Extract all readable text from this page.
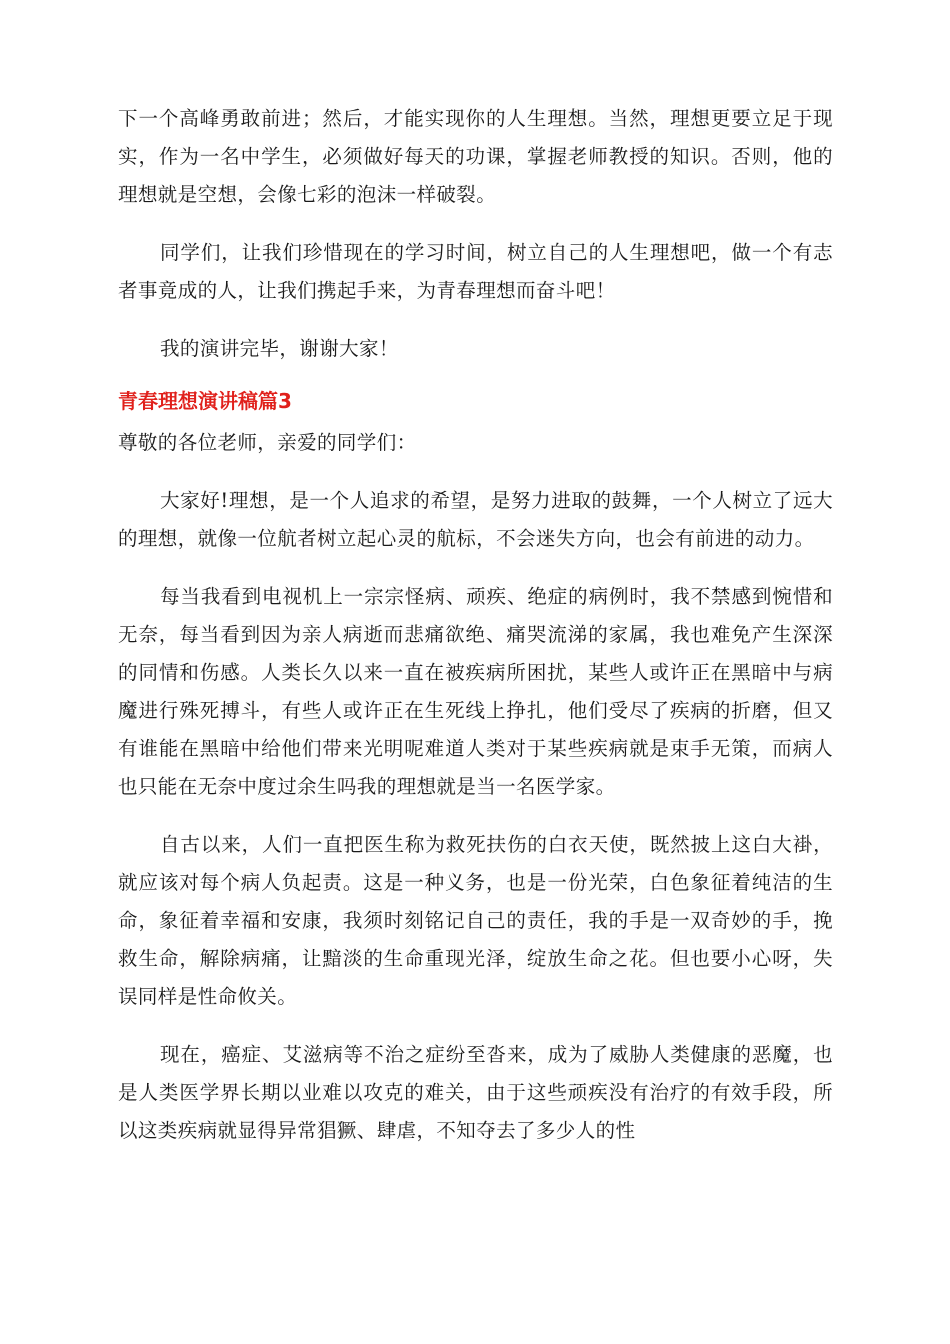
下一个高峰勇敢前进；然后，才能实现你的人生理想。当然，理想更要立足于现实，作为一名中学生，必须做好每天的功课，掌握老师教授的知识。否则，他的理想就是空想，会像七彩的泡沫一样破裂。

同学们，让我们珍惜现在的学习时间，树立自己的人生理想吧，做一个有志者事竟成的人，让我们携起手来，为青春理想而奋斗吧！

我的演讲完毕，谢谢大家！

青春理想演讲稿篇3

尊敬的各位老师，亲爱的同学们：

大家好!理想，是一个人追求的希望，是努力进取的鼓舞，一个人树立了远大的理想，就像一位航者树立起心灵的航标，不会迷失方向，也会有前进的动力。

每当我看到电视机上一宗宗怪病、顽疾、绝症的病例时，我不禁感到惋惜和无奈，每当看到因为亲人病逝而悲痛欲绝、痛哭流涕的家属，我也难免产生深深的同情和伤感。人类长久以来一直在被疾病所困扰，某些人或许正在黑暗中与病魔进行殊死搏斗，有些人或许正在生死线上挣扎，他们受尽了疾病的折磨，但又有谁能在黑暗中给他们带来光明呢难道人类对于某些疾病就是束手无策，而病人也只能在无奈中度过余生吗我的理想就是当一名医学家。

自古以来，人们一直把医生称为救死扶伤的白衣天使，既然披上这白大褂，就应该对每个病人负起责。这是一种义务，也是一份光荣，白色象征着纯洁的生命，象征着幸福和安康，我须时刻铭记自己的责任，我的手是一双奇妙的手，挽救生命，解除病痛，让黯淡的生命重现光泽，绽放生命之花。但也要小心呀，失误同样是性命攸关。

现在，癌症、艾滋病等不治之症纷至沓来，成为了威胁人类健康的恶魔，也是人类医学界长期以业难以攻克的难关，由于这些顽疾没有治疗的有效手段，所以这类疾病就显得异常猖獗、肆虐，不知夺去了多少人的性
